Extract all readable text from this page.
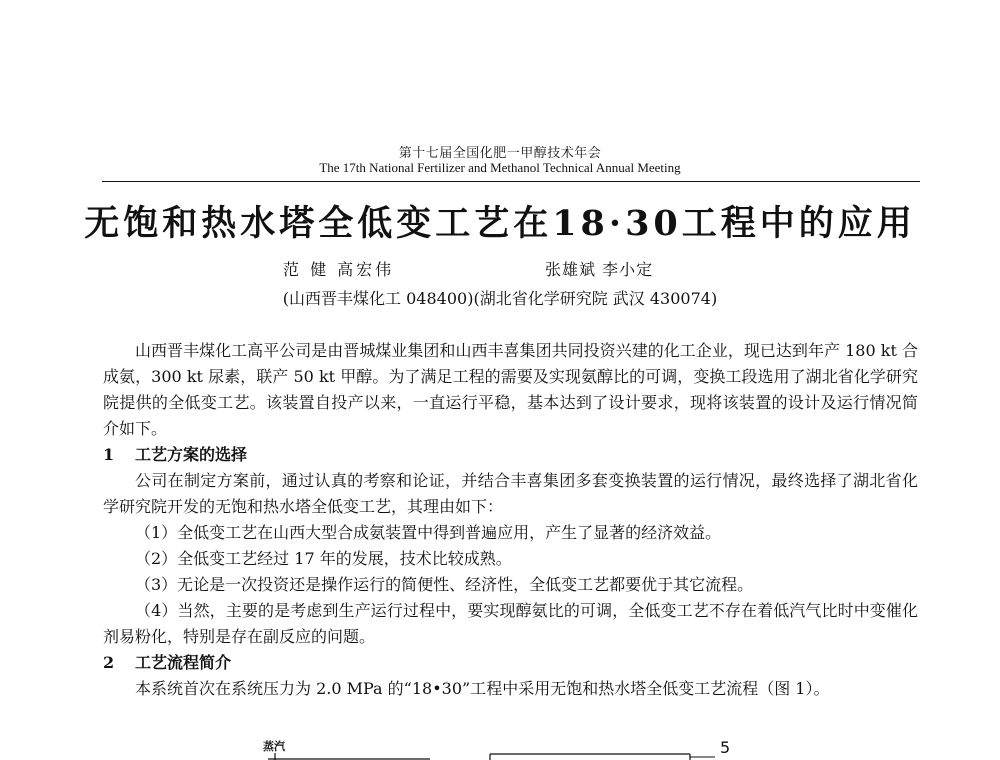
第十七届全国化肥一甲醇技术年会
The 17th National Fertilizer and Methanol Technical Annual Meeting
无饱和热水塔全低变工艺在18·30工程中的应用
范 健 高宏伟	张雄斌 李小定
(山西晋丰煤化工 048400)(湖北省化学研究院 武汉 430074)

山西晋丰煤化工高平公司是由晋城煤业集团和山西丰喜集团共同投资兴建的化工企业，现已达到年产 180 kt 合成氨，300 kt 尿素，联产 50 kt 甲醇。为了满足工程的需要及实现氨醇比的可调，变换工段选用了湖北省化学研究院提供的全低变工艺。该装置自投产以来，一直运行平稳，基本达到了设计要求，现将该装置的设计及运行情况简介如下。

1 工艺方案的选择

公司在制定方案前，通过认真的考察和论证，并结合丰喜集团多套变换装置的运行情况，最终选择了湖北省化学研究院开发的无饱和热水塔全低变工艺，其理由如下：

（1）全低变工艺在山西大型合成氨装置中得到普遍应用，产生了显著的经济效益。

（2）全低变工艺经过 17 年的发展，技术比较成熟。

（3）无论是一次投资还是操作运行的简便性、经济性，全低变工艺都要优于其它流程。

（4）当然，主要的是考虑到生产运行过程中，要实现醇氨比的可调，全低变工艺不存在着低汽气比时中变催化剂易粉化，特别是存在副反应的问题。

2 工艺流程简介

本系统首次在系统压力为 2.0 MPa 的“18•30”工程中采用无饱和热水塔全低变工艺流程（图 1）。

蒸汽	5
